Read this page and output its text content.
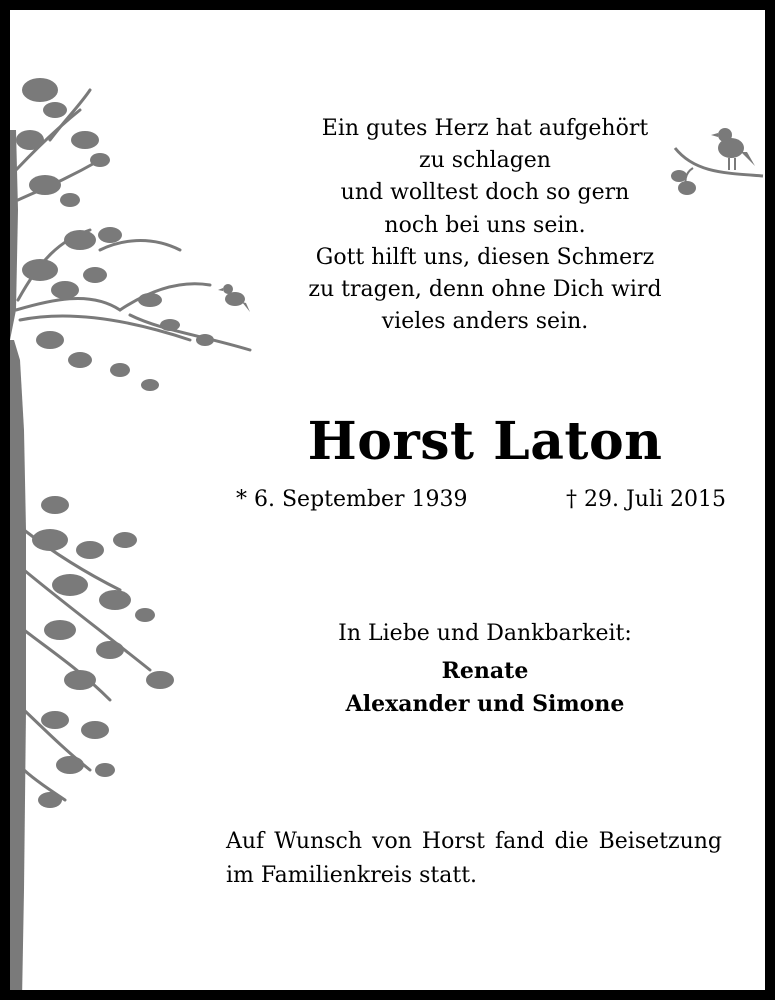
Ein gutes Herz hat aufgehört
zu schlagen
und wolltest doch so gern
noch bei uns sein.
Gott hilft uns, diesen Schmerz
zu tragen, denn ohne Dich wird
vieles anders sein.
Horst Laton
* 6. September 1939	† 29. Juli 2015
In Liebe und Dankbarkeit:
Renate
Alexander und Simone
Auf Wunsch von Horst fand die Beisetzung
im Familienkreis statt.
